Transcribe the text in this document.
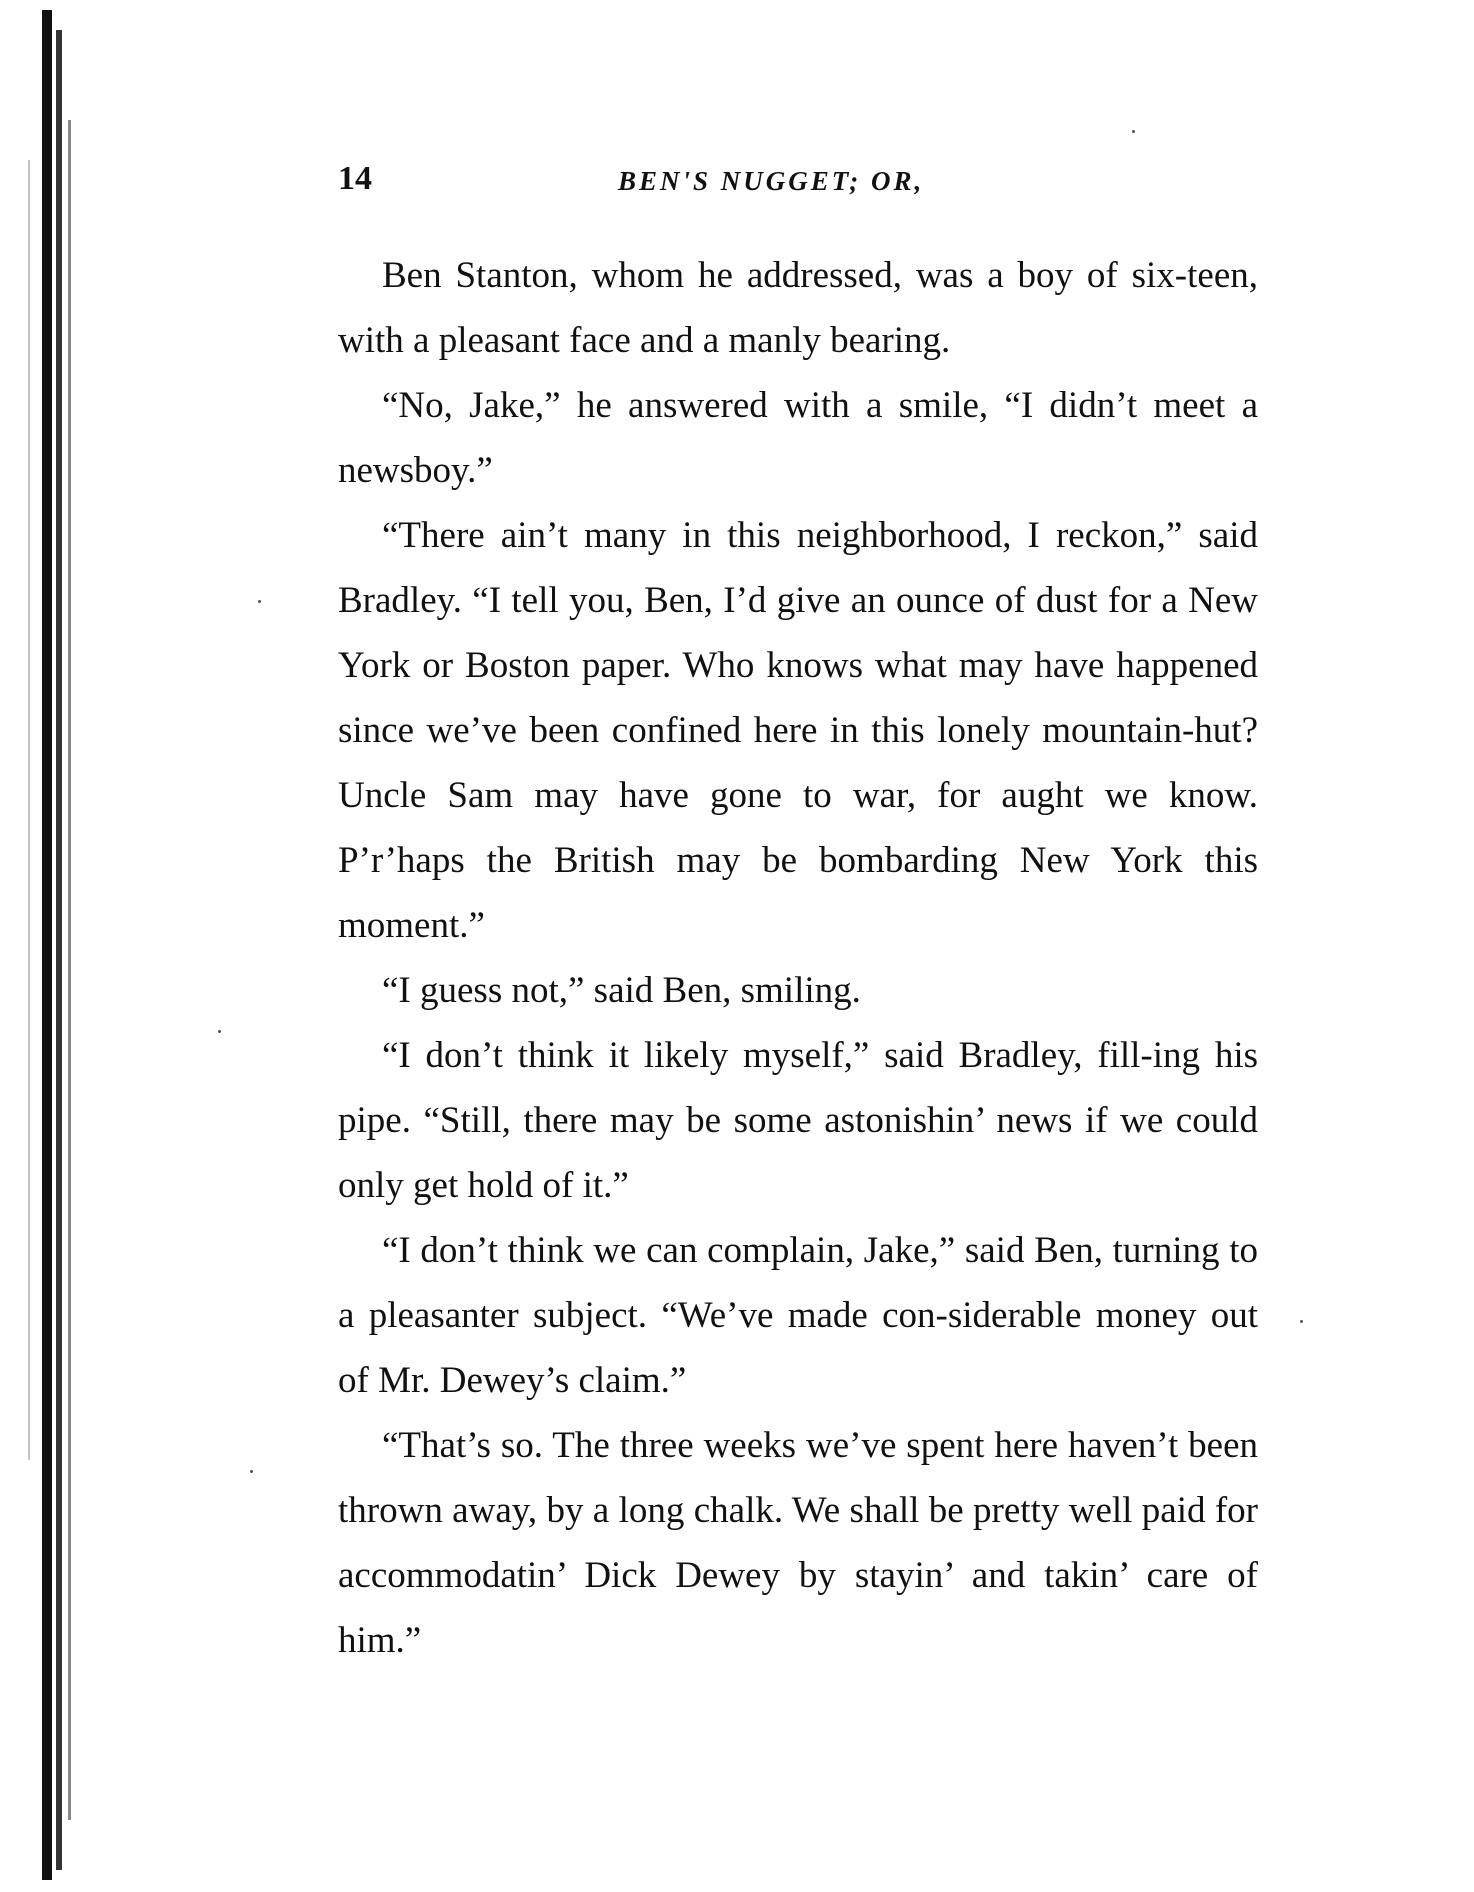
14	BEN'S NUGGET; OR,

Ben Stanton, whom he addressed, was a boy of six-teen, with a pleasant face and a manly bearing.

“No, Jake,” he answered with a smile, “I didn’t meet a newsboy.”

“There ain’t many in this neighborhood, I reckon,” said Bradley. “I tell you, Ben, I’d give an ounce of dust for a New York or Boston paper. Who knows what may have happened since we’ve been confined here in this lonely mountain-hut? Uncle Sam may have gone to war, for aught we know. P’r’haps the British may be bombarding New York this moment.”

“I guess not,” said Ben, smiling.

“I don’t think it likely myself,” said Bradley, fill-ing his pipe. “Still, there may be some astonishin’ news if we could only get hold of it.”

“I don’t think we can complain, Jake,” said Ben, turning to a pleasanter subject. “We’ve made con-siderable money out of Mr. Dewey’s claim.”

“That’s so. The three weeks we’ve spent here haven’t been thrown away, by a long chalk. We shall be pretty well paid for accommodatin’ Dick Dewey by stayin’ and takin’ care of him.”
